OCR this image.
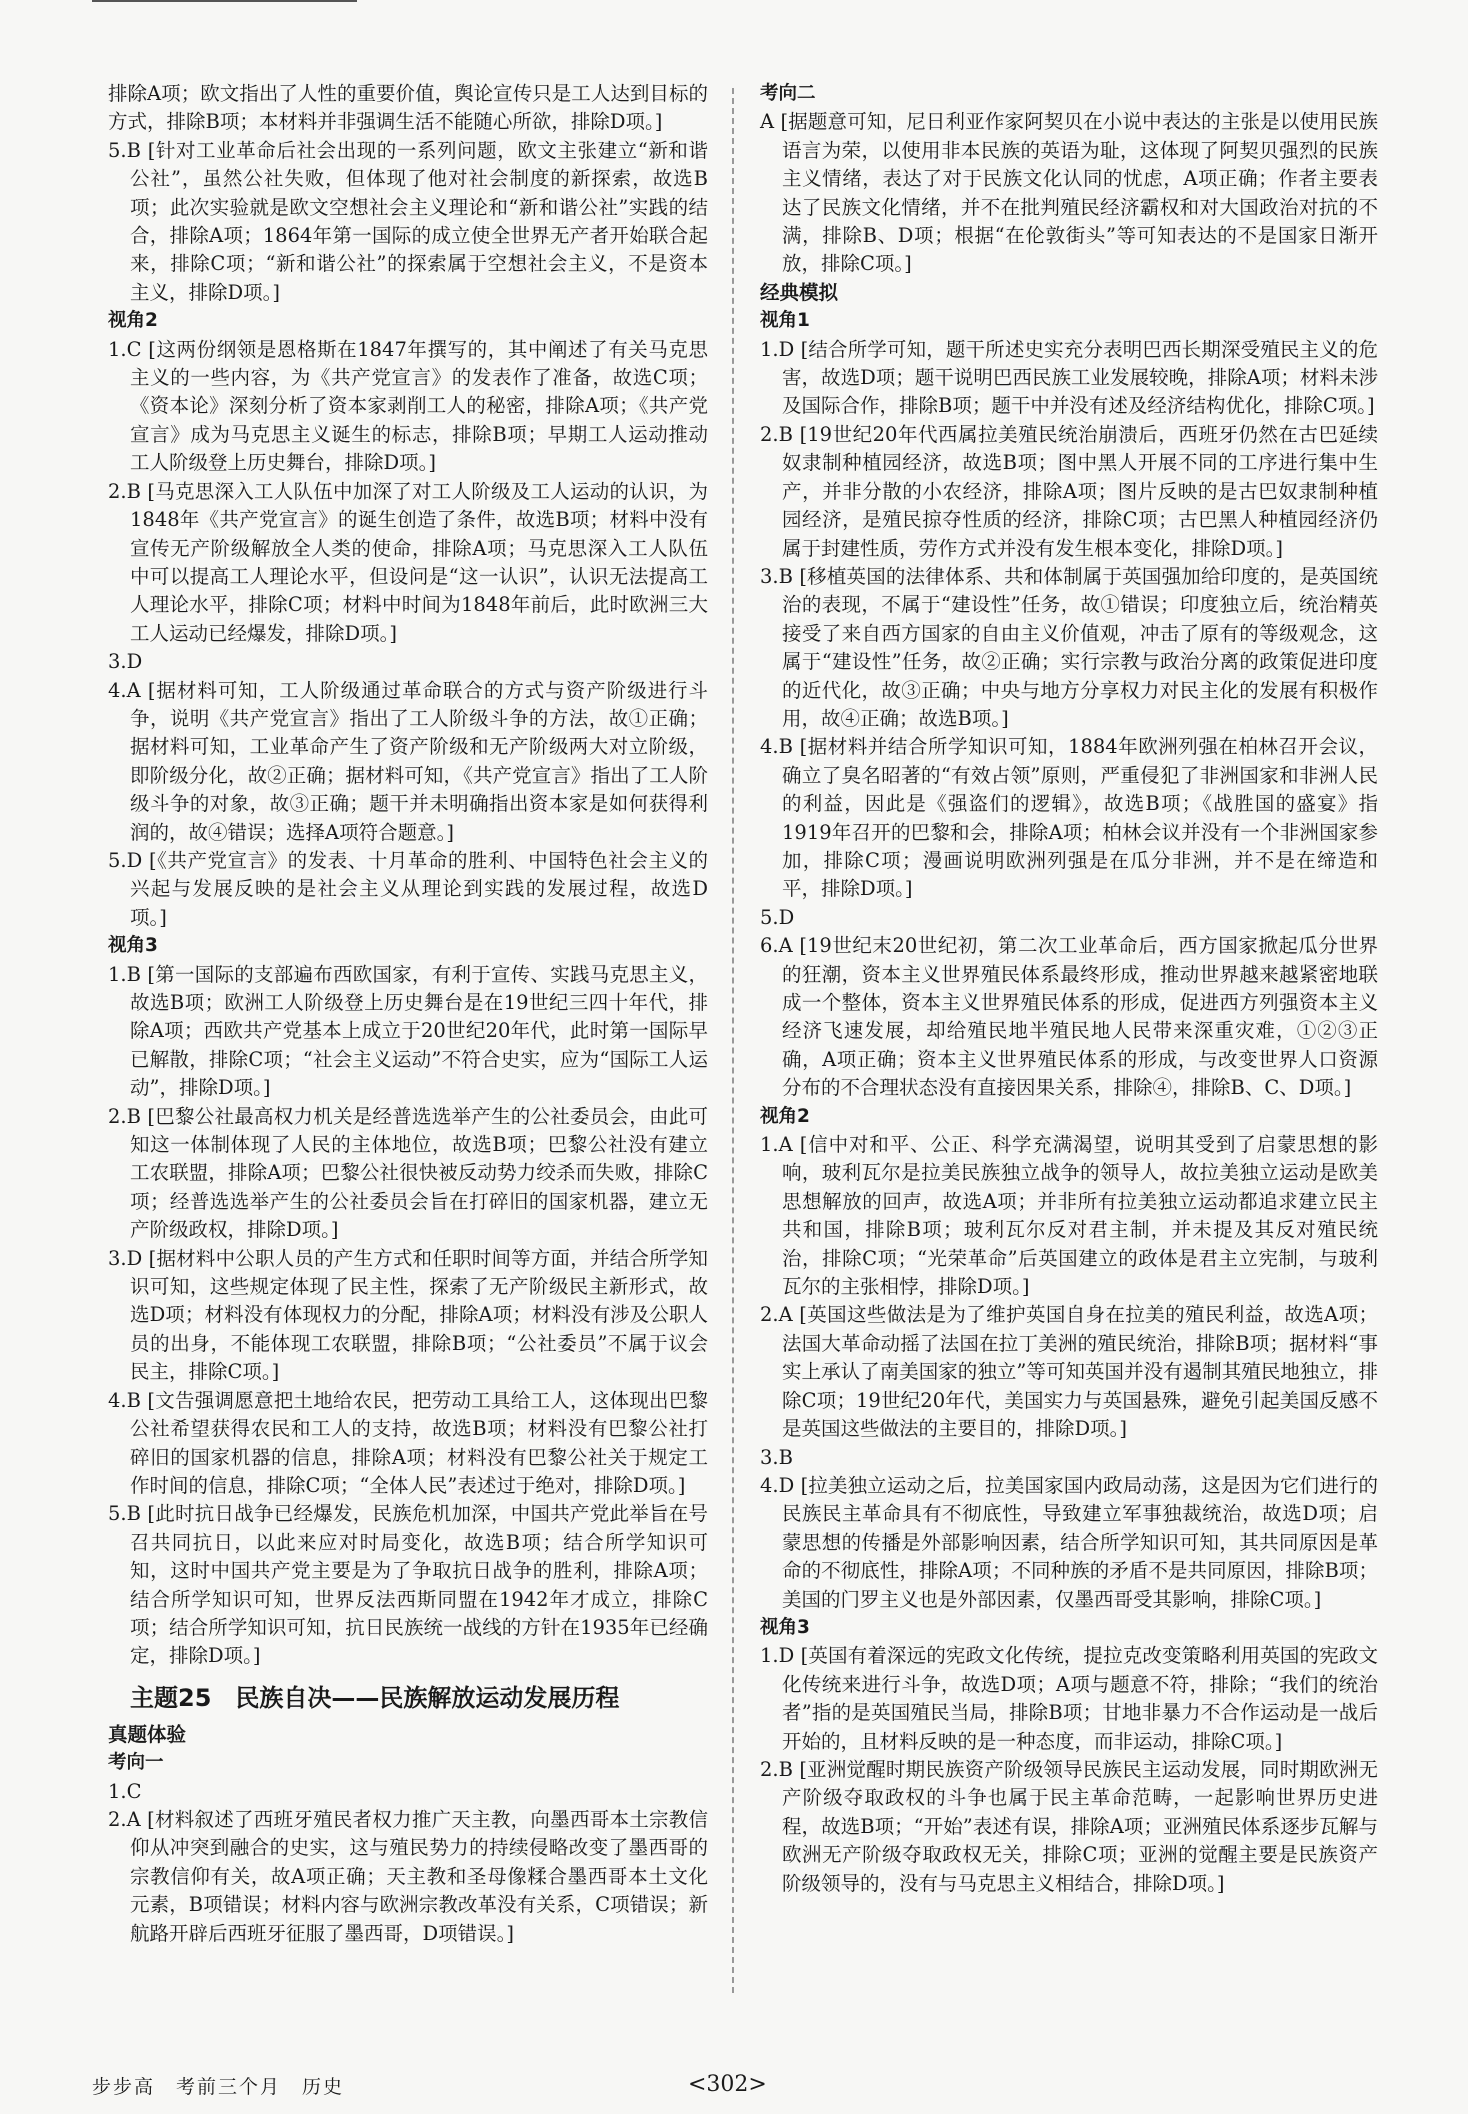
排除A项；欧文指出了人性的重要价值，舆论宣传只是工人达到目标的方式，排除B项；本材料并非强调生活不能随心所欲，排除D项。]

5.B [针对工业革命后社会出现的一系列问题，欧文主张建立“新和谐公社”，虽然公社失败，但体现了他对社会制度的新探索，故选B项；此次实验就是欧文空想社会主义理论和“新和谐公社”实践的结合，排除A项；1864年第一国际的成立使全世界无产者开始联合起来，排除C项；“新和谐公社”的探索属于空想社会主义，不是资本主义，排除D项。]

视角2

1.C [这两份纲领是恩格斯在1847年撰写的，其中阐述了有关马克思主义的一些内容，为《共产党宣言》的发表作了准备，故选C项；《资本论》深刻分析了资本家剥削工人的秘密，排除A项；《共产党宣言》成为马克思主义诞生的标志，排除B项；早期工人运动推动工人阶级登上历史舞台，排除D项。]

2.B [马克思深入工人队伍中加深了对工人阶级及工人运动的认识，为1848年《共产党宣言》的诞生创造了条件，故选B项；材料中没有宣传无产阶级解放全人类的使命，排除A项；马克思深入工人队伍中可以提高工人理论水平，但设问是“这一认识”，认识无法提高工人理论水平，排除C项；材料中时间为1848年前后，此时欧洲三大工人运动已经爆发，排除D项。]

3.D

4.A [据材料可知，工人阶级通过革命联合的方式与资产阶级进行斗争，说明《共产党宣言》指出了工人阶级斗争的方法，故①正确；据材料可知，工业革命产生了资产阶级和无产阶级两大对立阶级，即阶级分化，故②正确；据材料可知，《共产党宣言》指出了工人阶级斗争的对象，故③正确；题干并未明确指出资本家是如何获得利润的，故④错误；选择A项符合题意。]

5.D [《共产党宣言》的发表、十月革命的胜利、中国特色社会主义的兴起与发展反映的是社会主义从理论到实践的发展过程，故选D项。]

视角3

1.B [第一国际的支部遍布西欧国家，有利于宣传、实践马克思主义，故选B项；欧洲工人阶级登上历史舞台是在19世纪三四十年代，排除A项；西欧共产党基本上成立于20世纪20年代，此时第一国际早已解散，排除C项；“社会主义运动”不符合史实，应为“国际工人运动”，排除D项。]

2.B [巴黎公社最高权力机关是经普选选举产生的公社委员会，由此可知这一体制体现了人民的主体地位，故选B项；巴黎公社没有建立工农联盟，排除A项；巴黎公社很快被反动势力绞杀而失败，排除C项；经普选选举产生的公社委员会旨在打碎旧的国家机器，建立无产阶级政权，排除D项。]

3.D [据材料中公职人员的产生方式和任职时间等方面，并结合所学知识可知，这些规定体现了民主性，探索了无产阶级民主新形式，故选D项；材料没有体现权力的分配，排除A项；材料没有涉及公职人员的出身，不能体现工农联盟，排除B项；“公社委员”不属于议会民主，排除C项。]

4.B [文告强调愿意把土地给农民，把劳动工具给工人，这体现出巴黎公社希望获得农民和工人的支持，故选B项；材料没有巴黎公社打碎旧的国家机器的信息，排除A项；材料没有巴黎公社关于规定工作时间的信息，排除C项；“全体人民”表述过于绝对，排除D项。]

5.B [此时抗日战争已经爆发，民族危机加深，中国共产党此举旨在号召共同抗日，以此来应对时局变化，故选B项；结合所学知识可知，这时中国共产党主要是为了争取抗日战争的胜利，排除A项；结合所学知识可知，世界反法西斯同盟在1942年才成立，排除C项；结合所学知识可知，抗日民族统一战线的方针在1935年已经确定，排除D项。]

主题25　民族自决——民族解放运动发展历程

真题体验

考向一

1.C

2.A [材料叙述了西班牙殖民者权力推广天主教，向墨西哥本土宗教信仰从冲突到融合的史实，这与殖民势力的持续侵略改变了墨西哥的宗教信仰有关，故A项正确；天主教和圣母像糅合墨西哥本土文化元素，B项错误；材料内容与欧洲宗教改革没有关系，C项错误；新航路开辟后西班牙征服了墨西哥，D项错误。]

考向二

A [据题意可知，尼日利亚作家阿契贝在小说中表达的主张是以使用民族语言为荣，以使用非本民族的英语为耻，这体现了阿契贝强烈的民族主义情绪，表达了对于民族文化认同的忧虑，A项正确；作者主要表达了民族文化情绪，并不在批判殖民经济霸权和对大国政治对抗的不满，排除B、D项；根据“在伦敦街头”等可知表达的不是国家日渐开放，排除C项。]

经典模拟

视角1

1.D [结合所学可知，题干所述史实充分表明巴西长期深受殖民主义的危害，故选D项；题干说明巴西民族工业发展较晚，排除A项；材料未涉及国际合作，排除B项；题干中并没有述及经济结构优化，排除C项。]

2.B [19世纪20年代西属拉美殖民统治崩溃后，西班牙仍然在古巴延续奴隶制种植园经济，故选B项；图中黑人开展不同的工序进行集中生产，并非分散的小农经济，排除A项；图片反映的是古巴奴隶制种植园经济，是殖民掠夺性质的经济，排除C项；古巴黑人种植园经济仍属于封建性质，劳作方式并没有发生根本变化，排除D项。]

3.B [移植英国的法律体系、共和体制属于英国强加给印度的，是英国统治的表现，不属于“建设性”任务，故①错误；印度独立后，统治精英接受了来自西方国家的自由主义价值观，冲击了原有的等级观念，这属于“建设性”任务，故②正确；实行宗教与政治分离的政策促进印度的近代化，故③正确；中央与地方分享权力对民主化的发展有积极作用，故④正确；故选B项。]

4.B [据材料并结合所学知识可知，1884年欧洲列强在柏林召开会议，确立了臭名昭著的“有效占领”原则，严重侵犯了非洲国家和非洲人民的利益，因此是《强盗们的逻辑》，故选B项；《战胜国的盛宴》指1919年召开的巴黎和会，排除A项；柏林会议并没有一个非洲国家参加，排除C项；漫画说明欧洲列强是在瓜分非洲，并不是在缔造和平，排除D项。]

5.D

6.A [19世纪末20世纪初，第二次工业革命后，西方国家掀起瓜分世界的狂潮，资本主义世界殖民体系最终形成，推动世界越来越紧密地联成一个整体，资本主义世界殖民体系的形成，促进西方列强资本主义经济飞速发展，却给殖民地半殖民地人民带来深重灾难，①②③正确，A项正确；资本主义世界殖民体系的形成，与改变世界人口资源分布的不合理状态没有直接因果关系，排除④，排除B、C、D项。]

视角2

1.A [信中对和平、公正、科学充满渴望，说明其受到了启蒙思想的影响，玻利瓦尔是拉美民族独立战争的领导人，故拉美独立运动是欧美思想解放的回声，故选A项；并非所有拉美独立运动都追求建立民主共和国，排除B项；玻利瓦尔反对君主制，并未提及其反对殖民统治，排除C项；“光荣革命”后英国建立的政体是君主立宪制，与玻利瓦尔的主张相悖，排除D项。]

2.A [英国这些做法是为了维护英国自身在拉美的殖民利益，故选A项；法国大革命动摇了法国在拉丁美洲的殖民统治，排除B项；据材料“事实上承认了南美国家的独立”等可知英国并没有遏制其殖民地独立，排除C项；19世纪20年代，美国实力与英国悬殊，避免引起美国反感不是英国这些做法的主要目的，排除D项。]

3.B

4.D [拉美独立运动之后，拉美国家国内政局动荡，这是因为它们进行的民族民主革命具有不彻底性，导致建立军事独裁统治，故选D项；启蒙思想的传播是外部影响因素，结合所学知识可知，其共同原因是革命的不彻底性，排除A项；不同种族的矛盾不是共同原因，排除B项；美国的门罗主义也是外部因素，仅墨西哥受其影响，排除C项。]

视角3

1.D [英国有着深远的宪政文化传统，提拉克改变策略利用英国的宪政文化传统来进行斗争，故选D项；A项与题意不符，排除；“我们的统治者”指的是英国殖民当局，排除B项；甘地非暴力不合作运动是一战后开始的，且材料反映的是一种态度，而非运动，排除C项。]

2.B [亚洲觉醒时期民族资产阶级领导民族民主运动发展，同时期欧洲无产阶级夺取政权的斗争也属于民主革命范畴，一起影响世界历史进程，故选B项；“开始”表述有误，排除A项；亚洲殖民体系逐步瓦解与欧洲无产阶级夺取政权无关，排除C项；亚洲的觉醒主要是民族资产阶级领导的，没有与马克思主义相结合，排除D项。]

步步高　考前三个月　历史	<302>
